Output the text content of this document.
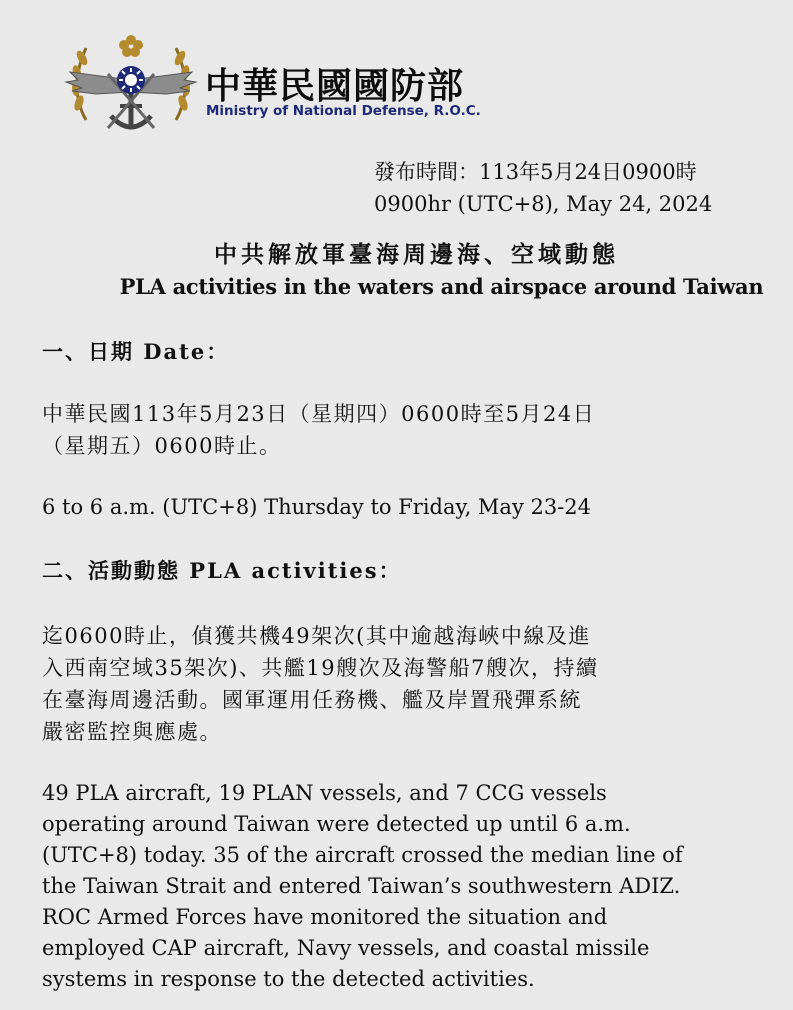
中華民國國防部
Ministry of National Defense, R.O.C.
發布時間：113年5月24日0900時
0900hr (UTC+8), May 24, 2024
中共解放軍臺海周邊海、空域動態
PLA activities in the waters and airspace around Taiwan
一、日期 Date：
中華民國113年5月23日（星期四）0600時至5月24日
（星期五）0600時止。
6 to 6 a.m. (UTC+8) Thursday to Friday, May 23-24
二、活動動態 PLA activities：
迄0600時止，偵獲共機49架次(其中逾越海峽中線及進
入西南空域35架次)、共艦19艘次及海警船7艘次，持續
在臺海周邊活動。國軍運用任務機、艦及岸置飛彈系統
嚴密監控與應處。
49 PLA aircraft, 19 PLAN vessels, and 7 CCG vessels
operating around Taiwan were detected up until 6 a.m.
(UTC+8) today. 35 of the aircraft crossed the median line of
the Taiwan Strait and entered Taiwan’s southwestern ADIZ.
ROC Armed Forces have monitored the situation and
employed CAP aircraft, Navy vessels, and coastal missile
systems in response to the detected activities.
